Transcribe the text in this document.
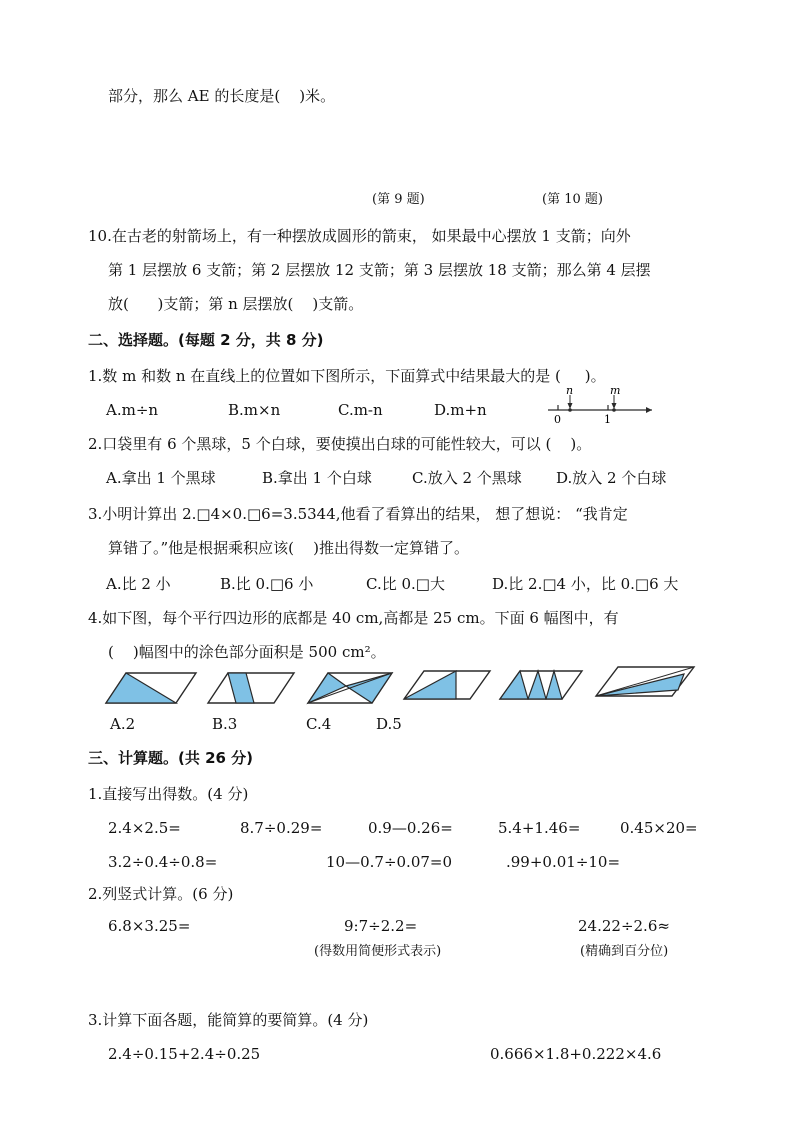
部分，那么 AE 的长度是(    )米。
(第 9 题)	(第 10 题)
10.在古老的射箭场上，有一种摆放成圆形的箭束， 如果最中心摆放 1 支箭；向外
第 1 层摆放 6 支箭；第 2 层摆放 12 支箭；第 3 层摆放 18 支箭；那么第 4 层摆
放(      )支箭；第 n 层摆放(    )支箭。
二、选择题。(每题 2 分，共 8 分)
1.数 m 和数 n 在直线上的位置如下图所示，下面算式中结果最大的是 (     )。
A.m÷n	B.m×n	C.m-n	D.m+n
n	m
0	1
2.口袋里有 6 个黑球，5 个白球，要使摸出白球的可能性较大，可以 (    )。
A.拿出 1 个黑球	B.拿出 1 个白球	C.放入 2 个黑球 D.放入 2 个白球
3.小明计算出 2.□4×0.□6=3.5344,他看了看算出的结果， 想了想说： “我肯定
算错了。”他是根据乘积应该(    )推出得数一定算错了。
A.比 2 小	B.比 0.□6 小	C.比 0.□大	D.比 2.□4 小，比 0.□6 大
4.如下图，每个平行四边形的底都是 40 cm,高都是 25 cm。下面 6 幅图中，有
(    )幅图中的涂色部分面积是 500 cm²。
A.2	B.3	C.4	D.5
三、计算题。(共 26 分)
1.直接写出得数。(4 分)
2.4×2.5=	8.7÷0.29=	0.9—0.26=	5.4+1.46=	0.45×20=
3.2÷0.4÷0.8=	10—0.7÷0.07=0	.99+0.01÷10=
2.列竖式计算。(6 分)
6.8×3.25=	9:7÷2.2=	24.22÷2.6≈
(得数用简便形式表示)	(精确到百分位)
3.计算下面各题，能简算的要简算。(4 分)
2.4÷0.15+2.4÷0.25	0.666×1.8+0.222×4.6
